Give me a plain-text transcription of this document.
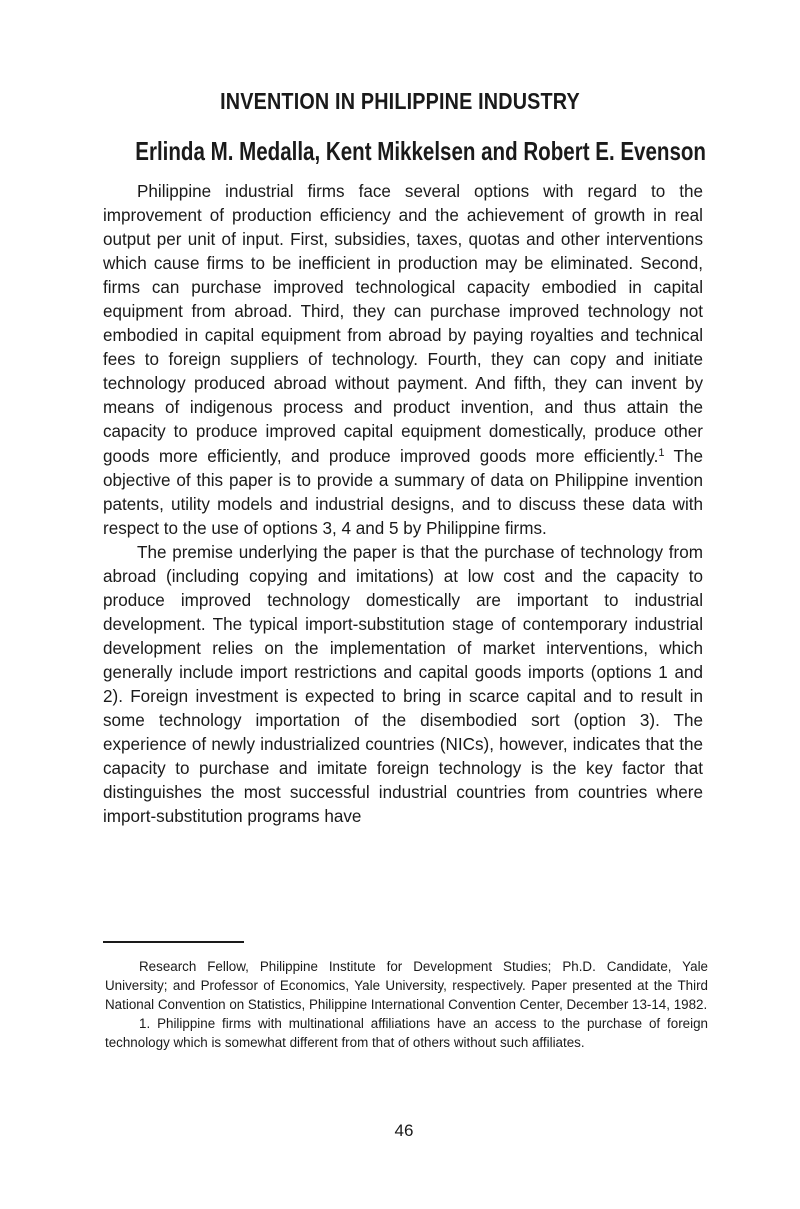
INVENTION IN PHILIPPINE INDUSTRY
Erlinda M. Medalla, Kent Mikkelsen and Robert E. Evenson

Philippine industrial firms face several options with regard to the improvement of production efficiency and the achievement of growth in real output per unit of input. First, subsidies, taxes, quotas and other interventions which cause firms to be inefficient in production may be eliminated. Second, firms can purchase improved technological capacity embodied in capital equipment from abroad. Third, they can purchase improved technology not embodied in capital equipment from abroad by paying royalties and technical fees to foreign suppliers of technology. Fourth, they can copy and initiate technology produced abroad without payment. And fifth, they can invent by means of indigenous process and product invention, and thus attain the capacity to produce improved capital equipment domestically, produce other goods more efficiently, and produce improved goods more efficiently.$^1$ The objective of this paper is to provide a summary of data on Philippine invention patents, utility models and industrial designs, and to discuss these data with respect to the use of options 3, 4 and 5 by Philippine firms.

The premise underlying the paper is that the purchase of technology from abroad (including copying and imitations) at low cost and the capacity to produce improved technology domestically are important to industrial development. The typical import-substitution stage of contemporary industrial development relies on the implementation of market interventions, which generally include import restrictions and capital goods imports (options 1 and 2). Foreign investment is expected to bring in scarce capital and to result in some technology importation of the disembodied sort (option 3). The experience of newly industrialized countries (NICs), however, indicates that the capacity to purchase and imitate foreign technology is the key factor that distinguishes the most successful industrial countries from countries where import-substitution programs have

Research Fellow, Philippine Institute for Development Studies; Ph.D. Candidate, Yale University; and Professor of Economics, Yale University, respectively. Paper presented at the Third National Convention on Statistics, Philippine International Convention Center, December 13-14, 1982.

1. Philippine firms with multinational affiliations have an access to the purchase of foreign technology which is somewhat different from that of others without such affiliates.

46
